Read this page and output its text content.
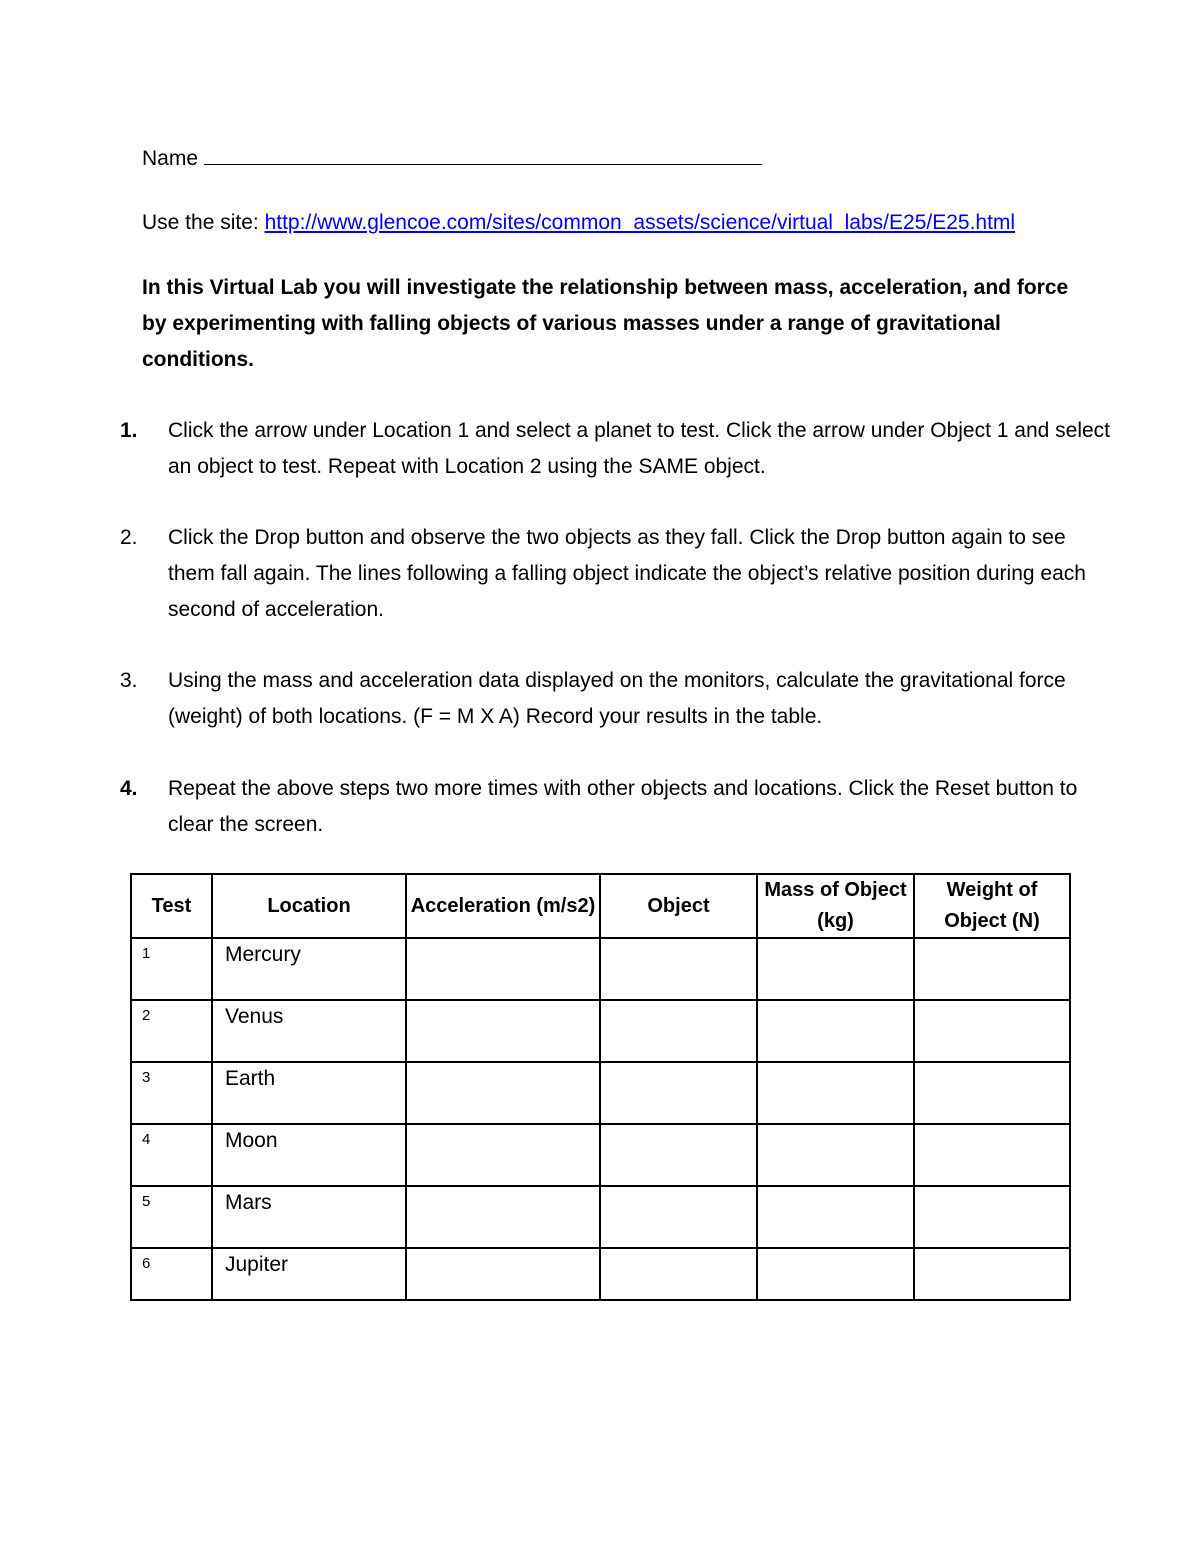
Name
Use the site: http://www.glencoe.com/sites/common_assets/science/virtual_labs/E25/E25.html
In this Virtual Lab you will investigate the relationship between mass, acceleration, and force by experimenting with falling objects of various masses under a range of gravitational conditions.
1.	Click the arrow under Location 1 and select a planet to test. Click the arrow under Object 1 and select an object to test. Repeat with Location 2 using the SAME object.
2.	Click the Drop button and observe the two objects as they fall. Click the Drop button again to see them fall again. The lines following a falling object indicate the object’s relative position during each second of acceleration.
3.	Using the mass and acceleration data displayed on the monitors, calculate the gravitational force (weight) of both locations. (F = M X A) Record your results in the table.
4.	Repeat the above steps two more times with other objects and locations. Click the Reset button to clear the screen.
Test	Location	Acceleration (m/s2)	Object	Mass of Object (kg)	Weight of Object (N)

1	Mercury				

2	Venus				

3	Earth				

4	Moon				

5	Mars				

6	Jupiter				
